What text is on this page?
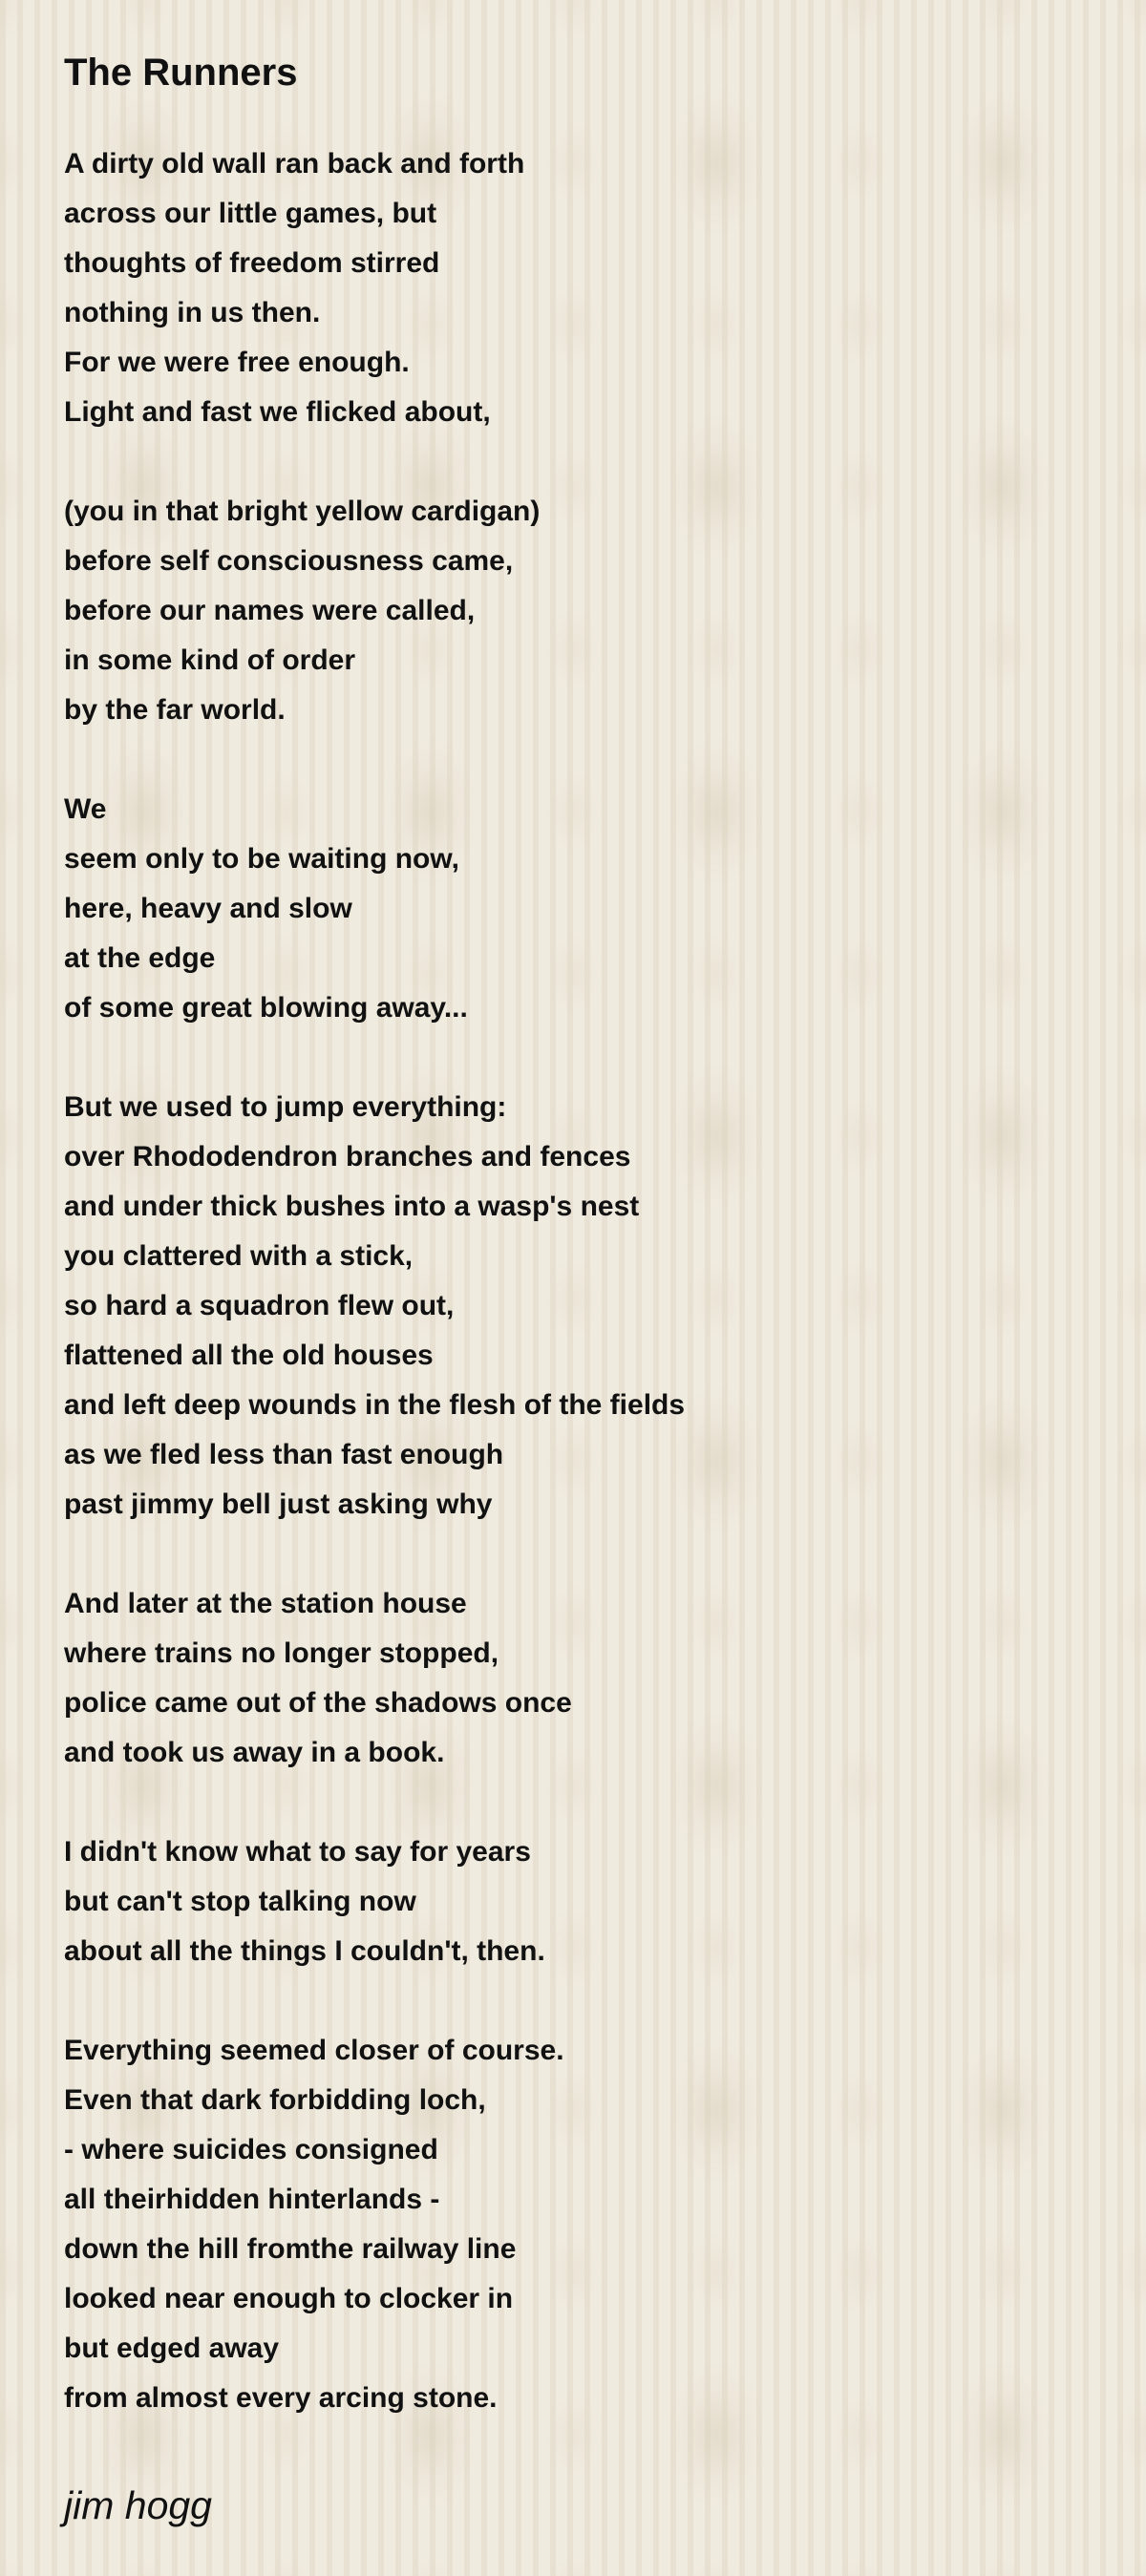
The Runners
A dirty old wall ran back and forth
across our little games, but
thoughts of freedom stirred
nothing in us then.
For we were free enough.
Light and fast we flicked about,
(you in that bright yellow cardigan)
before self consciousness came,
before our names were called,
in some kind of order
by the far world.
We
seem only to be waiting now,
here, heavy and slow
at the edge
of some great blowing away...
But we used to jump everything:
over Rhododendron branches and fences
and under thick bushes into a wasp's nest
you clattered with a stick,
so hard a squadron flew out,
flattened all the old houses
and left deep wounds in the flesh of the fields
as we fled less than fast enough
past jimmy bell just asking why
And later at the station house
where trains no longer stopped,
police came out of the shadows once
and took us away in a book.
I didn't know what to say for years
but can't stop talking now
about all the things I couldn't, then.
Everything seemed closer of course.
Even that dark forbidding loch,
- where suicides consigned
all theirhidden hinterlands -
down the hill fromthe railway line
looked near enough to clocker in
but edged away
from almost every arcing stone.
jim hogg
